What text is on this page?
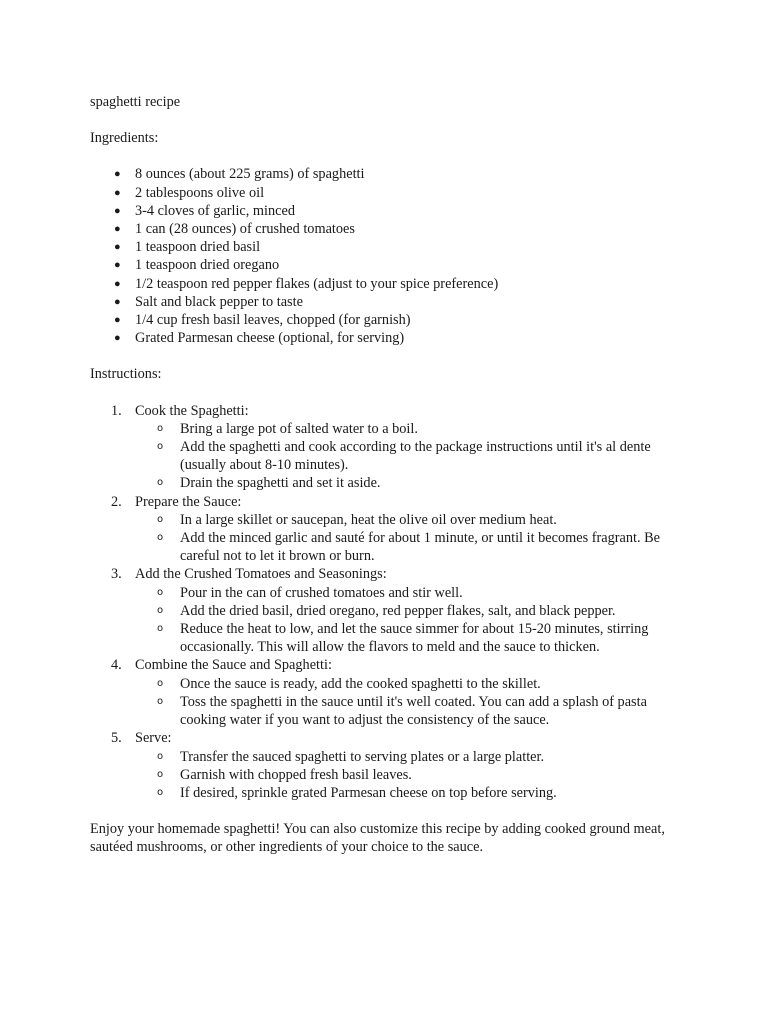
spaghetti recipe

Ingredients:

● 8 ounces (about 225 grams) of spaghetti
● 2 tablespoons olive oil
● 3-4 cloves of garlic, minced
● 1 can (28 ounces) of crushed tomatoes
● 1 teaspoon dried basil
● 1 teaspoon dried oregano
● 1/2 teaspoon red pepper flakes (adjust to your spice preference)
● Salt and black pepper to taste
● 1/4 cup fresh basil leaves, chopped (for garnish)
● Grated Parmesan cheese (optional, for serving)

Instructions:

1. Cook the Spaghetti:
o Bring a large pot of salted water to a boil.
o Add the spaghetti and cook according to the package instructions until it's al dente (usually about 8-10 minutes).
o Drain the spaghetti and set it aside.
2. Prepare the Sauce:
o In a large skillet or saucepan, heat the olive oil over medium heat.
o Add the minced garlic and sauté for about 1 minute, or until it becomes fragrant. Be careful not to let it brown or burn.
3. Add the Crushed Tomatoes and Seasonings:
o Pour in the can of crushed tomatoes and stir well.
o Add the dried basil, dried oregano, red pepper flakes, salt, and black pepper.
o Reduce the heat to low, and let the sauce simmer for about 15-20 minutes, stirring occasionally. This will allow the flavors to meld and the sauce to thicken.
4. Combine the Sauce and Spaghetti:
o Once the sauce is ready, add the cooked spaghetti to the skillet.
o Toss the spaghetti in the sauce until it's well coated. You can add a splash of pasta cooking water if you want to adjust the consistency of the sauce.
5. Serve:
o Transfer the sauced spaghetti to serving plates or a large platter.
o Garnish with chopped fresh basil leaves.
o If desired, sprinkle grated Parmesan cheese on top before serving.

Enjoy your homemade spaghetti! You can also customize this recipe by adding cooked ground meat, sautéed mushrooms, or other ingredients of your choice to the sauce.
